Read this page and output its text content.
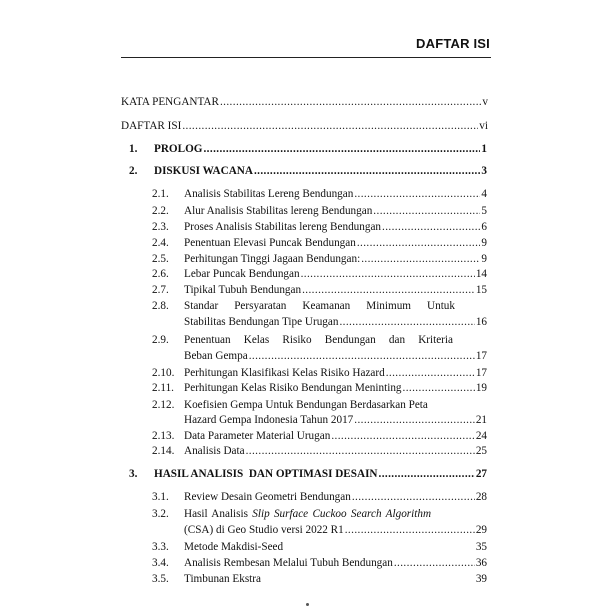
DAFTAR ISI
KATA PENGANTAR .....	v
DAFTAR ISI .....	vi
1.	PROLOG .....	1
2.	DISKUSI WACANA .....	3
2.1.	Analisis Stabilitas Lereng Bendungan .....	4
2.2.	Alur Analisis Stabilitas lereng Bendungan .....	5
2.3.	Proses Analisis Stabilitas lereng Bendungan .....	6
2.4.	Penentuan Elevasi Puncak Bendungan .....	9
2.5.	Perhitungan Tinggi Jagaan Bendungan: .....	9
2.6.	Lebar Puncak Bendungan .....	14
2.7.	Tipikal Tubuh Bendungan .....	15
2.8.	Standar Persyaratan Keamanan Minimum Untuk
Stabilitas Bendungan Tipe Urugan .....	16
2.9.	Penentuan Kelas Risiko Bendungan dan Kriteria
Beban Gempa .....	17
2.10. Perhitungan Klasifikasi Kelas Risiko Hazard .....	17
2.11. Perhitungan Kelas Risiko Bendungan Meninting .....	19
2.12. Koefisien Gempa Untuk Bendungan Berdasarkan Peta
Hazard Gempa Indonesia Tahun 2017 .....	21
2.13. Data Parameter Material Urugan .....	24
2.14. Analisis Data .....	25
3.	HASIL ANALISIS  DAN OPTIMASI DESAIN .....	27
3.1.	Review Desain Geometri Bendungan .....	28
3.2.	Hasil Analisis Slip Surface Cuckoo Search Algorithm
(CSA) di Geo Studio versi 2022 R1 .....	29
3.3.	Metode Makdisi-Seed	35
3.4.	Analisis Rembesan Melalui Tubuh Bendungan .....	36
3.5.	Timbunan Ekstra	39
